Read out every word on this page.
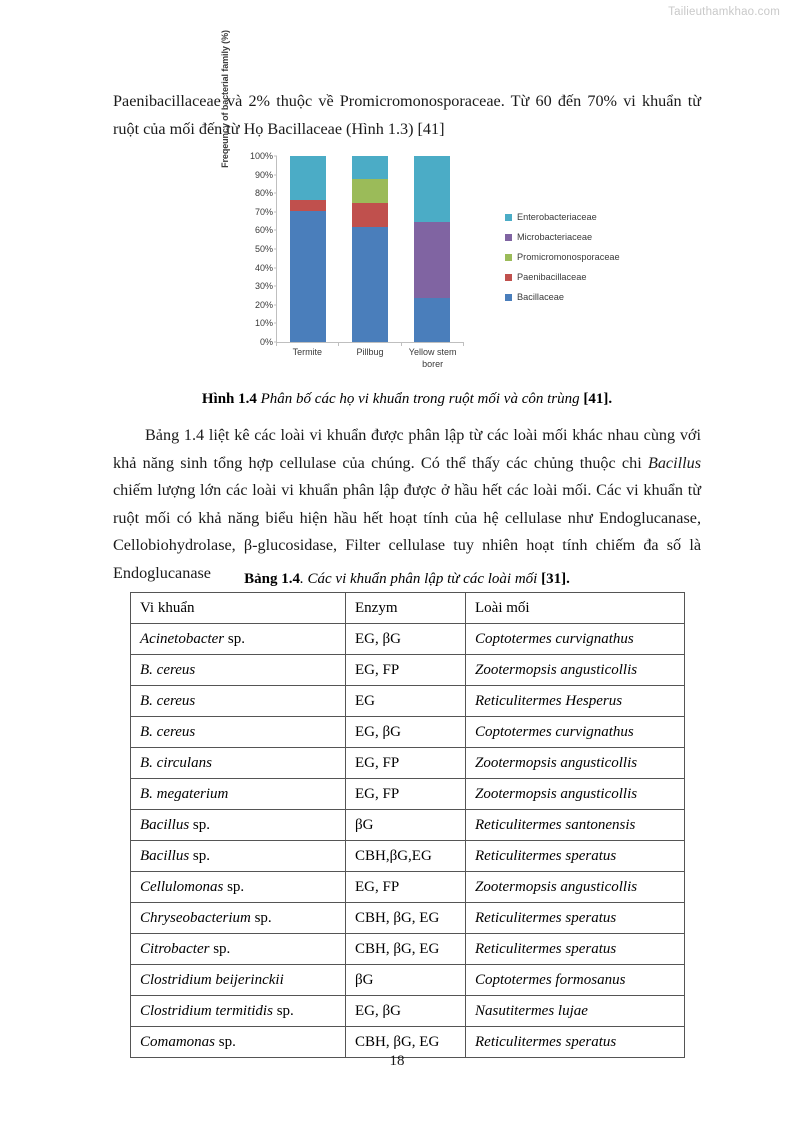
Tailieuthamkhao.com

Paenibacillaceae và 2% thuộc về Promicromonosporaceae. Từ 60 đến 70% vi khuẩn từ ruột của mối đến từ Họ Bacillaceae (Hình 1.3) [41]

Freqeuncy of bacterial family (%) 100%
90%
80%
70%
60%
50%
40%
30%
20%
10%
0%
Termite	Pillbug	Yellow stem
borer
Enterobacteriaceae
Microbacteriaceae
Promicromonosporaceae
Paenibacillaceae
Bacillaceae
Hình 1.4 Phân bố các họ vi khuẩn trong ruột mối và côn trùng [41].

Bảng 1.4 liệt kê các loài vi khuẩn được phân lập từ các loài mối khác nhau cùng với khả năng sinh tổng hợp cellulase của chúng. Có thể thấy các chủng thuộc chi Bacillus chiếm lượng lớn các loài vi khuẩn phân lập được ở hầu hết các loài mối. Các vi khuẩn từ ruột mối có khả năng biểu hiện hầu hết hoạt tính của hệ cellulase như Endoglucanase, Cellobiohydrolase, β-glucosidase, Filter cellulase tuy nhiên hoạt tính chiếm đa số là Endoglucanase	Bảng 1.4. Các vi khuẩn phân lập từ các loài mối [31].
Vi khuẩn	Enzym	Loài mối
Acinetobacter sp.	EG, βG	Coptotermes curvignathus
B. cereus	EG, FP	Zootermopsis angusticollis
B. cereus	EG	Reticulitermes Hesperus
B. cereus	EG, βG	Coptotermes curvignathus
B. circulans	EG, FP	Zootermopsis angusticollis
B. megaterium	EG, FP	Zootermopsis angusticollis
Bacillus sp.	βG	Reticulitermes santonensis
Bacillus sp.	CBH,βG,EG	Reticulitermes speratus
Cellulomonas sp.	EG, FP	Zootermopsis angusticollis
Chryseobacterium sp.	CBH, βG, EG	Reticulitermes speratus
Citrobacter sp.	CBH, βG, EG	Reticulitermes speratus
Clostridium beijerinckii	βG	Coptotermes formosanus
Clostridium termitidis sp.	EG, βG	Nasutitermes lujae
Comamonas sp.	CBH, βG, EG	Reticulitermes speratus
18
